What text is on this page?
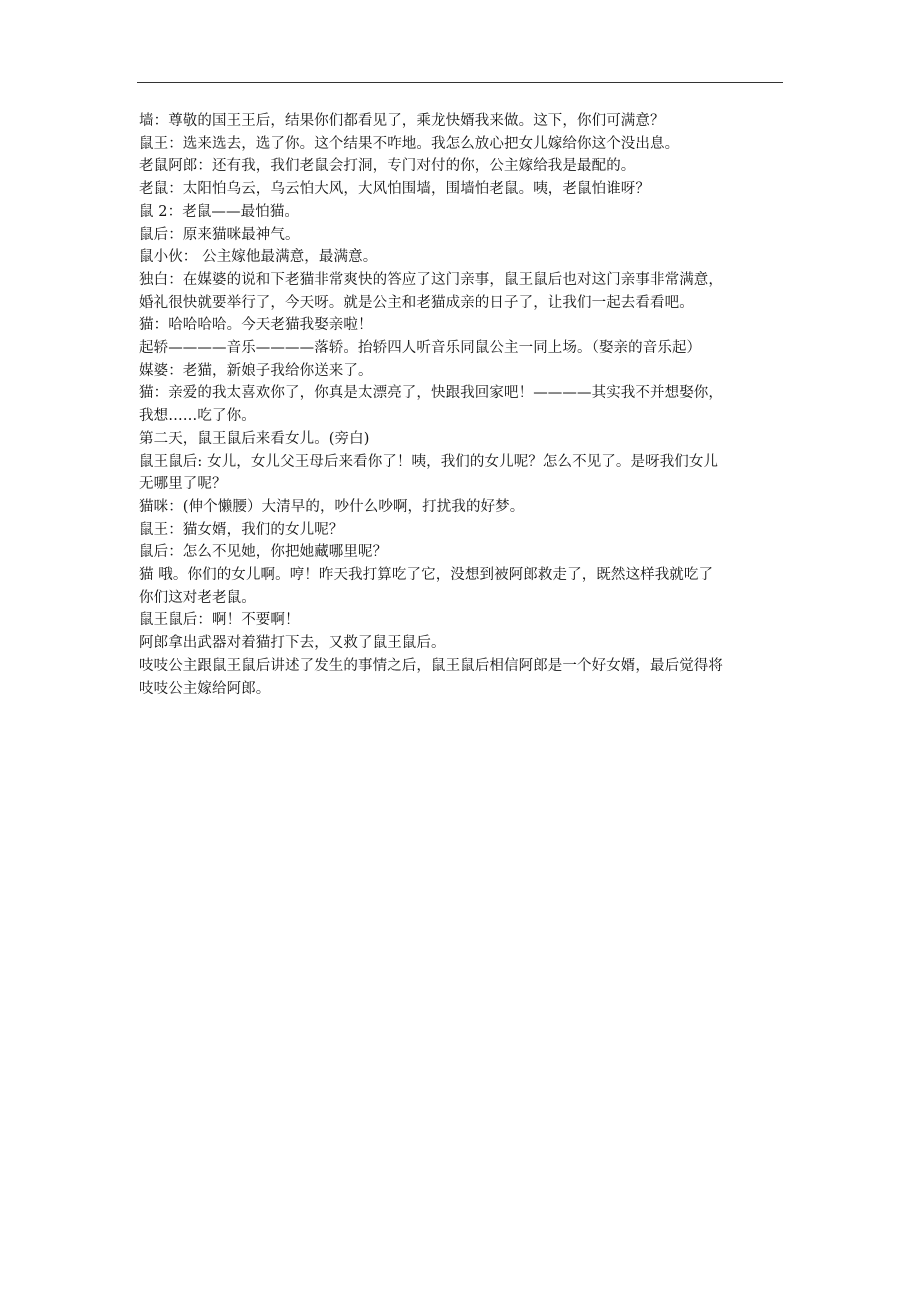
墙：尊敬的国王王后，结果你们都看见了，乘龙快婿我来做。这下，你们可满意？

鼠王：选来选去，选了你。这个结果不咋地。我怎么放心把女儿嫁给你这个没出息。

老鼠阿郎：还有我，我们老鼠会打洞，专门对付的你，公主嫁给我是最配的。

老鼠：太阳怕乌云，乌云怕大风，大风怕围墙，围墙怕老鼠。咦，老鼠怕谁呀？

鼠 2：老鼠——最怕猫。

鼠后：原来猫咪最神气。

鼠小伙： 公主嫁他最满意，最满意。

独白：在媒婆的说和下老猫非常爽快的答应了这门亲事，鼠王鼠后也对这门亲事非常满意，

婚礼很快就要举行了，今天呀。就是公主和老猫成亲的日子了，让我们一起去看看吧。

猫：哈哈哈哈。今天老猫我娶亲啦！

起轿————音乐————落轿。抬轿四人听音乐同鼠公主一同上场。（娶亲的音乐起）

媒婆：老猫，新娘子我给你送来了。

猫：亲爱的我太喜欢你了，你真是太漂亮了，快跟我回家吧！————其实我不并想娶你，

我想……吃了你。

第二天，鼠王鼠后来看女儿。(旁白)

鼠王鼠后: 女儿，女儿父王母后来看你了！咦，我们的女儿呢？怎么不见了。是呀我们女儿

无哪里了呢？

猫咪：(伸个懒腰）大清早的，吵什么吵啊，打扰我的好梦。

鼠王：猫女婿，我们的女儿呢？

鼠后：怎么不见她，你把她藏哪里呢？

猫 哦。你们的女儿啊。哼！昨天我打算吃了它，没想到被阿郎救走了，既然这样我就吃了

你们这对老老鼠。

鼠王鼠后：啊！不要啊！

阿郎拿出武器对着猫打下去，又救了鼠王鼠后。

吱吱公主跟鼠王鼠后讲述了发生的事情之后，鼠王鼠后相信阿郎是一个好女婿，最后觉得将

吱吱公主嫁给阿郎。
